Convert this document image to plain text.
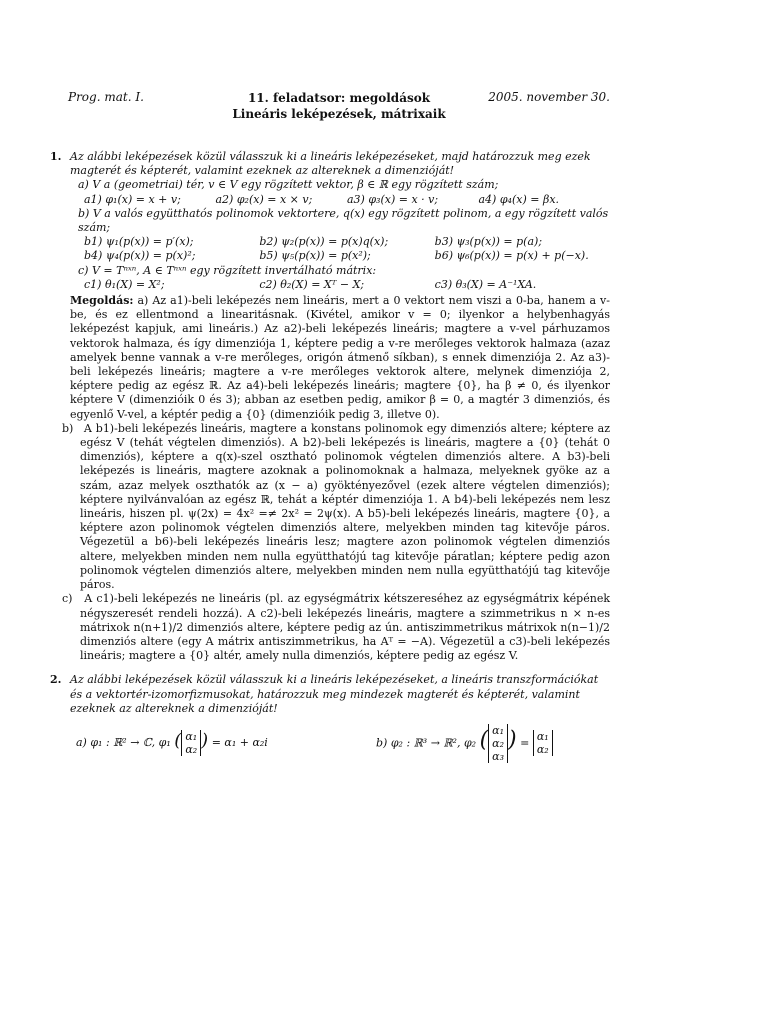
Prog. mat. I.	11. feladatsor: megoldások
Lineáris leképezések, mátrixaik
2005. november 30.
1. Az alábbi leképezések közül válasszuk ki a lineáris leképezéseket, majd határozzuk meg ezek magterét és képterét, valamint ezeknek az altereknek a dimenzióját!
a) V a (geometriai) tér, v ∈ V egy rögzített vektor, β ∈ ℝ egy rögzített szám;
a1) φ₁(x) = x + v;	a2) φ₂(x) = x × v;	a3) φ₃(x) = x · v;	a4) φ₄(x) = βx.
b) V a valós együtthatós polinomok vektortere, q(x) egy rögzített polinom, a egy rögzített valós szám;
b1) ψ₁(p(x)) = p′(x);	b2) ψ₂(p(x)) = p(x)q(x);	b3) ψ₃(p(x)) = p(a);
b4) ψ₄(p(x)) = p(x)²;	b5) ψ₅(p(x)) = p(x²);	b6) ψ₆(p(x)) = p(x) + p(−x).
c) V = Tⁿˣⁿ, A ∈ Tⁿˣⁿ egy rögzített invertálható mátrix:
c1) θ₁(X) = X²;	c2) θ₂(X) = Xᵀ − X;	c3) θ₃(X) = A⁻¹XA.
Megoldás: a) Az a1)-beli leképezés nem lineáris, mert a 0 vektort nem viszi a 0-ba, hanem a v-be, és ez ellentmond a linearitásnak. (Kivétel, amikor v = 0; ilyenkor a helybenhagyás leképezést kapjuk, ami lineáris.) Az a2)-beli leképezés lineáris; magtere a v-vel párhuzamos vektorok halmaza, és így dimenziója 1, képtere pedig a v-re merőleges vektorok halmaza (azaz amelyek benne vannak a v-re merőleges, origón átmenő síkban), s ennek dimenziója 2. Az a3)-beli leképezés lineáris; magtere a v-re merőleges vektorok altere, melynek dimenziója 2, képtere pedig az egész ℝ. Az a4)-beli leképezés lineáris; magtere {0}, ha β ≠ 0, és ilyenkor képtere V (dimenzióik 0 és 3); abban az esetben pedig, amikor β = 0, a magtér 3 dimenziós, és egyenlő V-vel, a képtér pedig a {0} (dimenzióik pedig 3, illetve 0).
b) A b1)-beli leképezés lineáris, magtere a konstans polinomok egy dimenziós altere; képtere az egész V (tehát végtelen dimenziós). A b2)-beli leképezés is lineáris, magtere a {0} (tehát 0 dimenziós), képtere a q(x)-szel osztható polinomok végtelen dimenziós altere. A b3)-beli leképezés is lineáris, magtere azoknak a polinomoknak a halmaza, melyeknek gyöke az a szám, azaz melyek oszthatók az (x − a) gyöktényezővel (ezek altere végtelen dimenziós); képtere nyilvánvalóan az egész ℝ, tehát a képtér dimenziója 1. A b4)-beli leképezés nem lesz lineáris, hiszen pl. ψ(2x) = 4x² =≠ 2x² = 2ψ(x). A b5)-beli leképezés lineáris, magtere {0}, a képtere azon polinomok végtelen dimenziós altere, melyekben minden tag kitevője páros. Végezetül a b6)-beli leképezés lineáris lesz; magtere azon polinomok végtelen dimenziós altere, melyekben minden nem nulla együtthatójú tag kitevője páratlan; képtere pedig azon polinomok végtelen dimenziós altere, melyekben minden nem nulla együtthatójú tag kitevője páros.
c) A c1)-beli leképezés ne lineáris (pl. az egységmátrix kétszereséhez az egységmátrix képének négyszeresét rendeli hozzá). A c2)-beli leképezés lineáris, magtere a szimmetrikus n × n-es mátrixok n(n+1)/2 dimenziós altere, képtere pedig az ún. antiszimmetrikus mátrixok n(n−1)/2 dimenziós altere (egy A mátrix antiszimmetrikus, ha Aᵀ = −A). Végezetül a c3)-beli leképezés lineáris; magtere a {0} altér, amely nulla dimenziós, képtere pedig az egész V.
2. Az alábbi leképezések közül válasszuk ki a lineáris leképezéseket, a lineáris transzformációkat és a vektortér-izomorfizmusokat, határozzuk meg mindezek magterét és képterét, valamint ezeknek az altereknek a dimenzióját!
a) φ₁ : ℝ² → ℂ, φ₁ ( α₁
α₂ ) = α₁ + α₂i	b) φ₂ : ℝ³ → ℝ², φ₂ ( α₁
α₂
α₃) = α₁
α₂
